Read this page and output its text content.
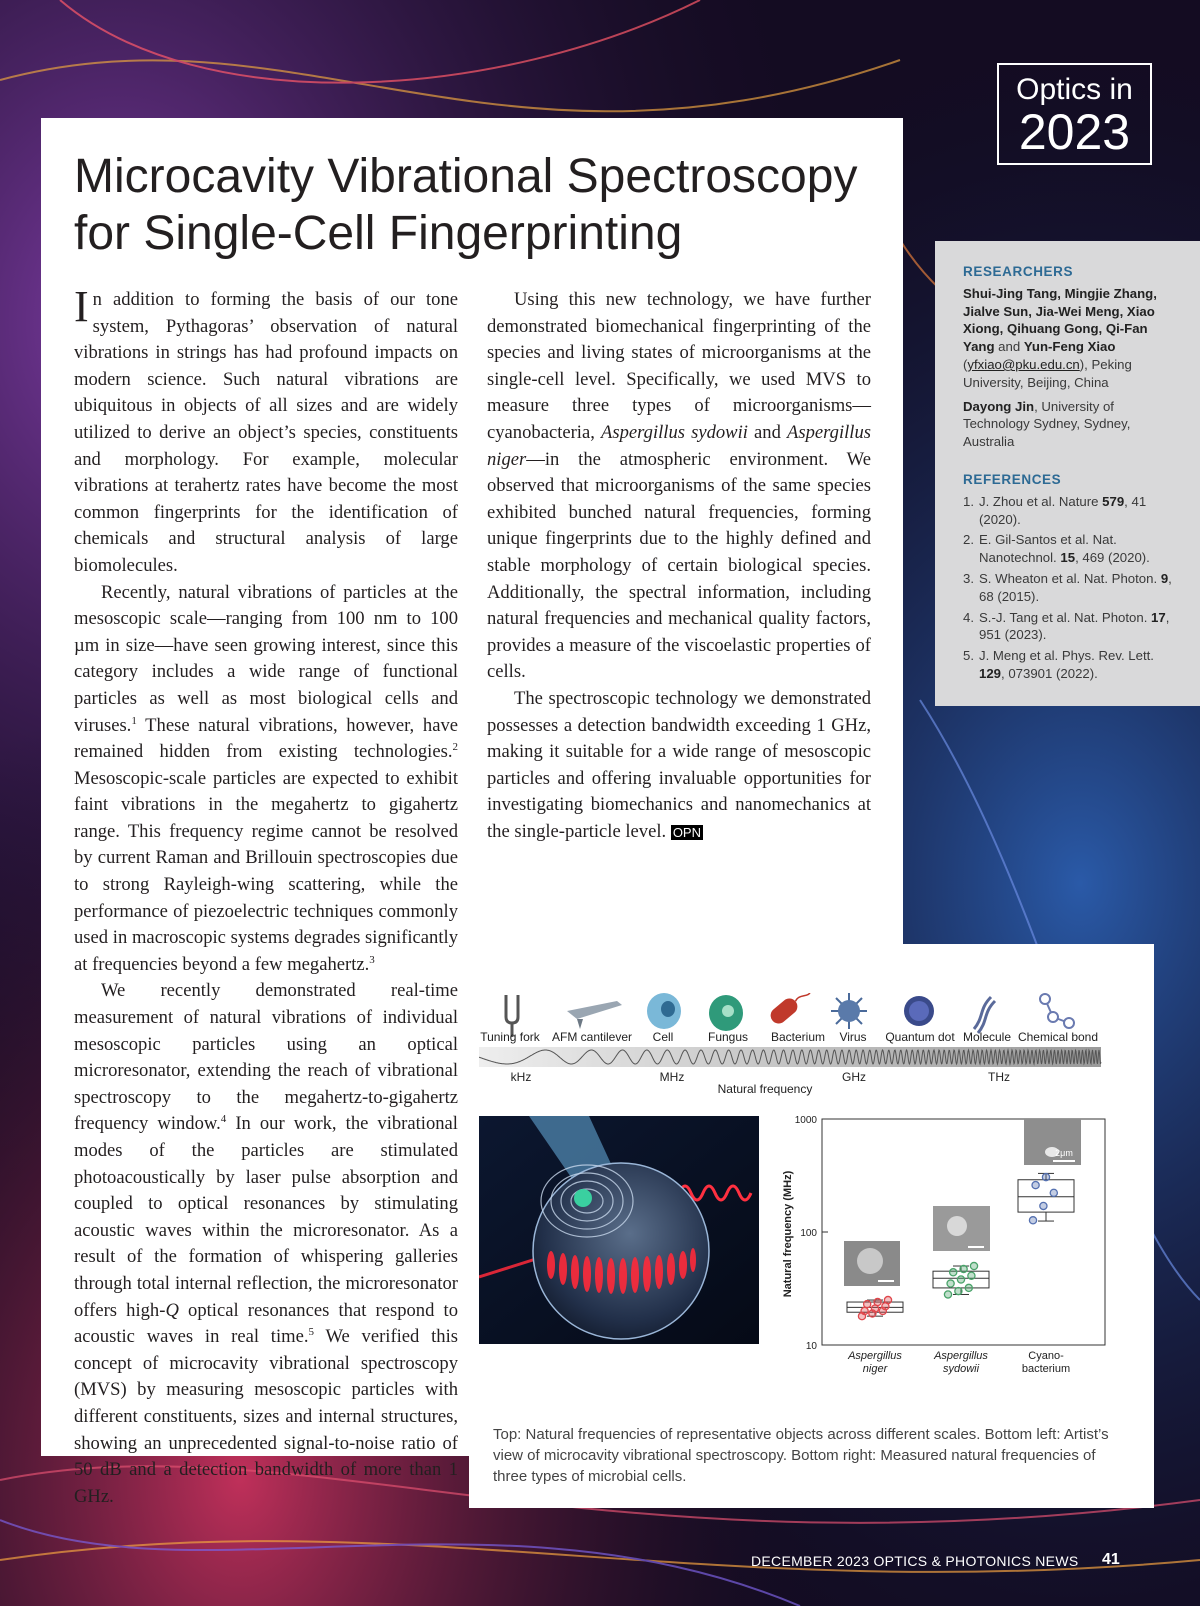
Optics in
2023
Microcavity Vibrational Spectroscopy
for Single-Cell Fingerprinting

In addition to forming the basis of our tone system, Pythagoras’ observation of natural vibrations in strings has had profound impacts on modern science. Such natural vibrations are ubiquitous in objects of all sizes and are widely utilized to derive an object’s species, constituents and morphology. For example, molecular vibrations at terahertz rates have become the most common fingerprints for the identification of chemicals and structural analysis of large biomolecules.

Recently, natural vibrations of particles at the mesoscopic scale—ranging from 100 nm to 100 µm in size—have seen growing interest, since this category includes a wide range of functional particles as well as most biological cells and viruses.$^1$ These natural vibrations, however, have remained hidden from existing technologies.$^2$ Mesoscopic-scale particles are expected to exhibit faint vibrations in the megahertz to gigahertz range. This frequency regime cannot be resolved by current Raman and Brillouin spectroscopies due to strong Rayleigh-wing scattering, while the performance of piezoelectric techniques commonly used in macroscopic systems degrades significantly at frequencies beyond a few megahertz.$^3$

We recently demonstrated real-time measurement of natural vibrations of individual mesoscopic particles using an optical microresonator, extending the reach of vibrational spectroscopy to the megahertz-to-gigahertz frequency window.$^4$ In our work, the vibrational modes of the particles are stimulated photoacoustically by laser pulse absorption and coupled to optical resonances by stimulating acoustic waves within the microresonator. As a result of the formation of whispering galleries through total internal reflection, the microresonator offers high-Q optical resonances that respond to acoustic waves in real time.$^5$ We verified this concept of microcavity vibrational spectroscopy (MVS) by measuring mesoscopic particles with different constituents, sizes and internal structures, showing an unprecedented signal-to-noise ratio of 50 dB and a detection bandwidth of more than 1 GHz.

Using this new technology, we have further demonstrated biomechanical fingerprinting of the species and living states of microorganisms at the single-cell level. Specifically, we used MVS to measure three types of microorganisms—cyanobacteria, Aspergillus sydowii and Aspergillus niger—in the atmospheric environment. We observed that microorganisms of the same species exhibited bunched natural frequencies, forming unique fingerprints due to the highly defined and stable morphology of certain biological species. Additionally, the spectral information, including natural frequencies and mechanical quality factors, provides a measure of the viscoelastic properties of cells.

The spectroscopic technology we demonstrated possesses a detection bandwidth exceeding 1 GHz, making it suitable for a wide range of mesoscopic particles and offering invaluable opportunities for investigating biomechanics and nanomechanics at the single-particle level. OPN

RESEARCHERS
Shui-Jing Tang, Mingjie Zhang, Jialve Sun, Jia-Wei Meng, Xiao Xiong, Qihuang Gong, Qi-Fan Yang and Yun-Feng Xiao (yfxiao@pku.edu.cn), Peking University, Beijing, China
Dayong Jin, University of Technology Sydney, Sydney, Australia
REFERENCES
1. J. Zhou et al. Nature 579, 41 (2020).
2. E. Gil-Santos et al. Nat. Nanotechnol. 15, 469 (2020).
3. S. Wheaton et al. Nat. Photon. 9, 68 (2015).
4. S.-J. Tang et al. Nat. Photon. 17, 951 (2023).
5. J. Meng et al. Phys. Rev. Lett. 129, 073901 (2022).
Tuning fork AFM cantilever Cell	Fungus Bacterium Virus Quantum dot Molecule Chemical bond
kHz	MHz	GHz	THz
Natural frequency
Natural frequency (MHz)
1000
100
10
Aspergillus
niger
Aspergillus
sydowii
Cyano-
bacterium
2μm
Top: Natural frequencies of representative objects across different scales. Bottom left: Artist’s view of microcavity vibrational spectroscopy. Bottom right: Measured natural frequencies of three types of microbial cells.
DECEMBER 2023 OPTICS & PHOTONICS NEWS 41
